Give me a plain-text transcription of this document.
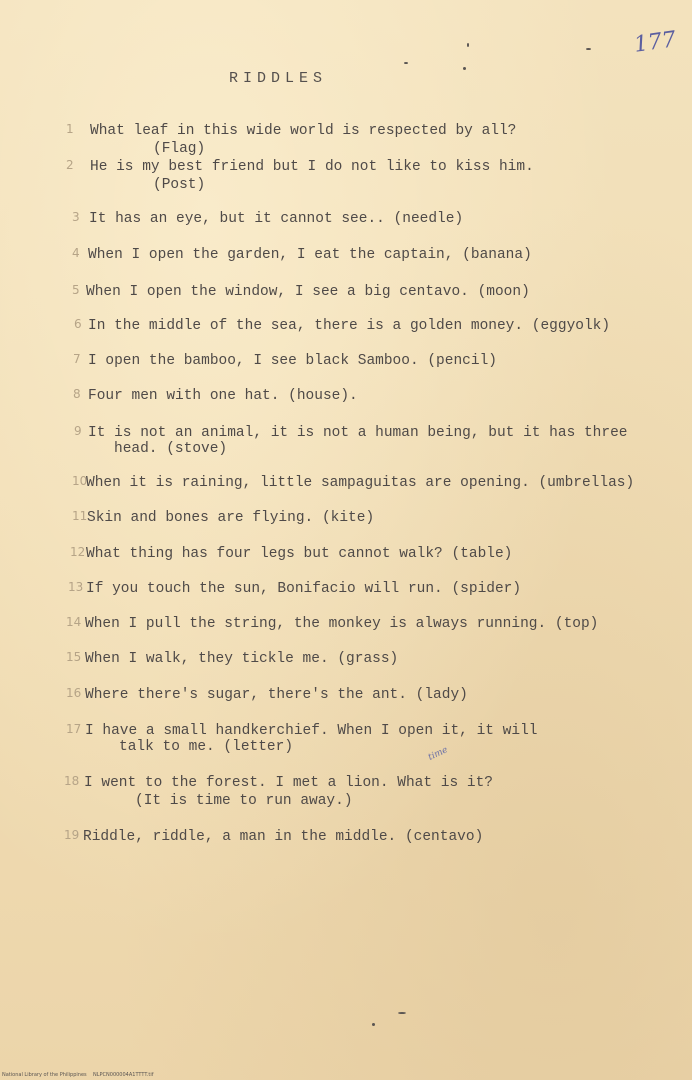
177
RIDDLES
1 What leaf in this wide world is respected by all?
(Flag)
2 He is my best friend but I do not like to kiss him.
(Post)
3 It has an eye, but it cannot see.. (needle)
4 When I open the garden, I eat the captain, (banana)
5 When I open the window, I see a big centavo. (moon)
6 In the middle of the sea, there is a golden money. (eggyolk)
7 I open the bamboo, I see black Samboo. (pencil)
8 Four men with one hat. (house).
9 It is not an animal, it is not a human being, but it has three
head. (stove)
10
When it is raining, little sampaguitas are opening. (umbrellas)
11 Skin and bones are flying. (kite)
12 What thing has four legs but cannot walk? (table)
13 If you touch the sun, Bonifacio will run. (spider)
14 When I pull the string, the monkey is always running. (top)
15 When I walk, they tickle me. (grass)
16 Where there's sugar, there's the ant. (lady)
17 I have a small handkerchief. When I open it, it will
talk to me. (letter)
18 I went to the forest. I met a lion. What is it?
(It is time to run away.)
time
19 Riddle, riddle, a man in the middle. (centavo)
National Library of the Philippines    NLPCN000004A1TTTT.tif
